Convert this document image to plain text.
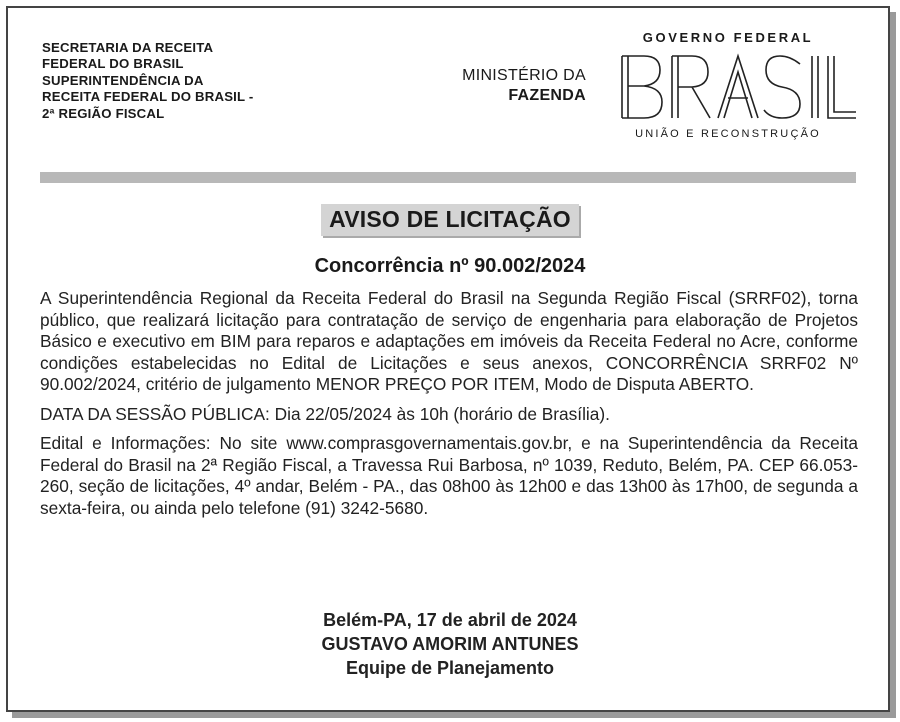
SECRETARIA DA RECEITA
FEDERAL DO BRASIL
SUPERINTENDÊNCIA DA
RECEITA FEDERAL DO BRASIL -
2ª REGIÃO FISCAL
MINISTÉRIO DA
FAZENDA
GOVERNO FEDERAL
UNIÃO E RECONSTRUÇÃO
AVISO DE LICITAÇÃO
Concorrência nº 90.002/2024

A Superintendência Regional da Receita Federal do Brasil na Segunda Região Fiscal (SRRF02), torna público, que realizará licitação para contratação de serviço de engenharia para elaboração de Projetos Básico e executivo em BIM para reparos e adaptações em imóveis da Receita Federal no Acre, conforme condições estabelecidas no Edital de Licitações e seus anexos, CONCORRÊNCIA SRRF02 Nº 90.002/2024, critério de julgamento MENOR PREÇO POR ITEM, Modo de Disputa ABERTO.

DATA DA SESSÃO PÚBLICA: Dia 22/05/2024 às 10h (horário de Brasília).

Edital e Informações: No site www.comprasgovernamentais.gov.br, e na Superintendência da Receita Federal do Brasil na 2ª Região Fiscal, a Travessa Rui Barbosa, nº 1039, Reduto, Belém, PA. CEP 66.053-260, seção de licitações, 4º andar, Belém - PA., das 08h00 às 12h00 e das 13h00 às 17h00, de segunda a sexta-feira, ou ainda pelo telefone (91) 3242-5680.

Belém-PA, 17 de abril de 2024
GUSTAVO AMORIM ANTUNES
Equipe de Planejamento
